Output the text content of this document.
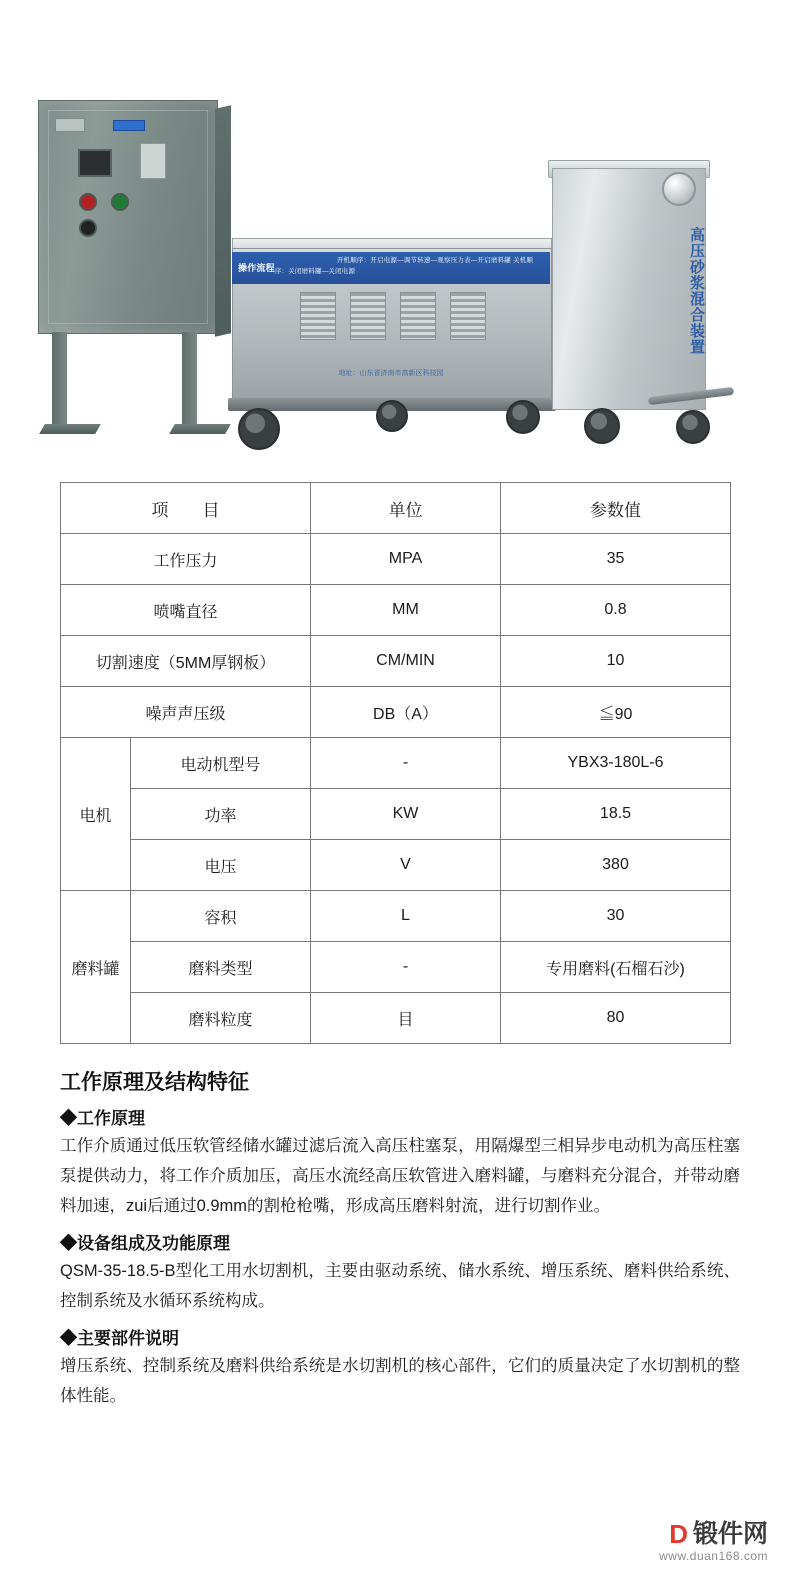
操作流程
开机顺序：开启电源—调节转速—观察压力表—开启磨料罐 关机顺序：关闭磨料罐—关闭电源
地址：山东省济南市高新区科技园
高压砂浆混合装置
项　　目		单位	参数值
工作压力		MPA	35
喷嘴直径		MM	0.8
切割速度（5MM厚钢板）		CM/MIN	10
噪声声压级		DB（A）	≦90
电机	电动机型号	-	YBX3-180L-6
	功率	KW	18.5
	电压	V	380
磨料罐	容积	L	30
	磨料类型	-	专用磨料(石榴石沙)
	磨料粒度	目	80
工作原理及结构特征
◆工作原理

工作介质通过低压软管经储水罐过滤后流入高压柱塞泵，用隔爆型三相异步电动机为高压柱塞泵提供动力，将工作介质加压，高压水流经高压软管进入磨料罐，与磨料充分混合，并带动磨料加速，zui后通过0.9mm的割枪枪嘴，形成高压磨料射流，进行切割作业。

◆设备组成及功能原理

QSM-35-18.5-B型化工用水切割机，主要由驱动系统、储水系统、增压系统、磨料供给系统、控制系统及水循环系统构成。

◆主要部件说明

增压系统、控制系统及磨料供给系统是水切割机的核心部件，它们的质量决定了水切割机的整体性能。

D 锻件网
www.duan168.com
